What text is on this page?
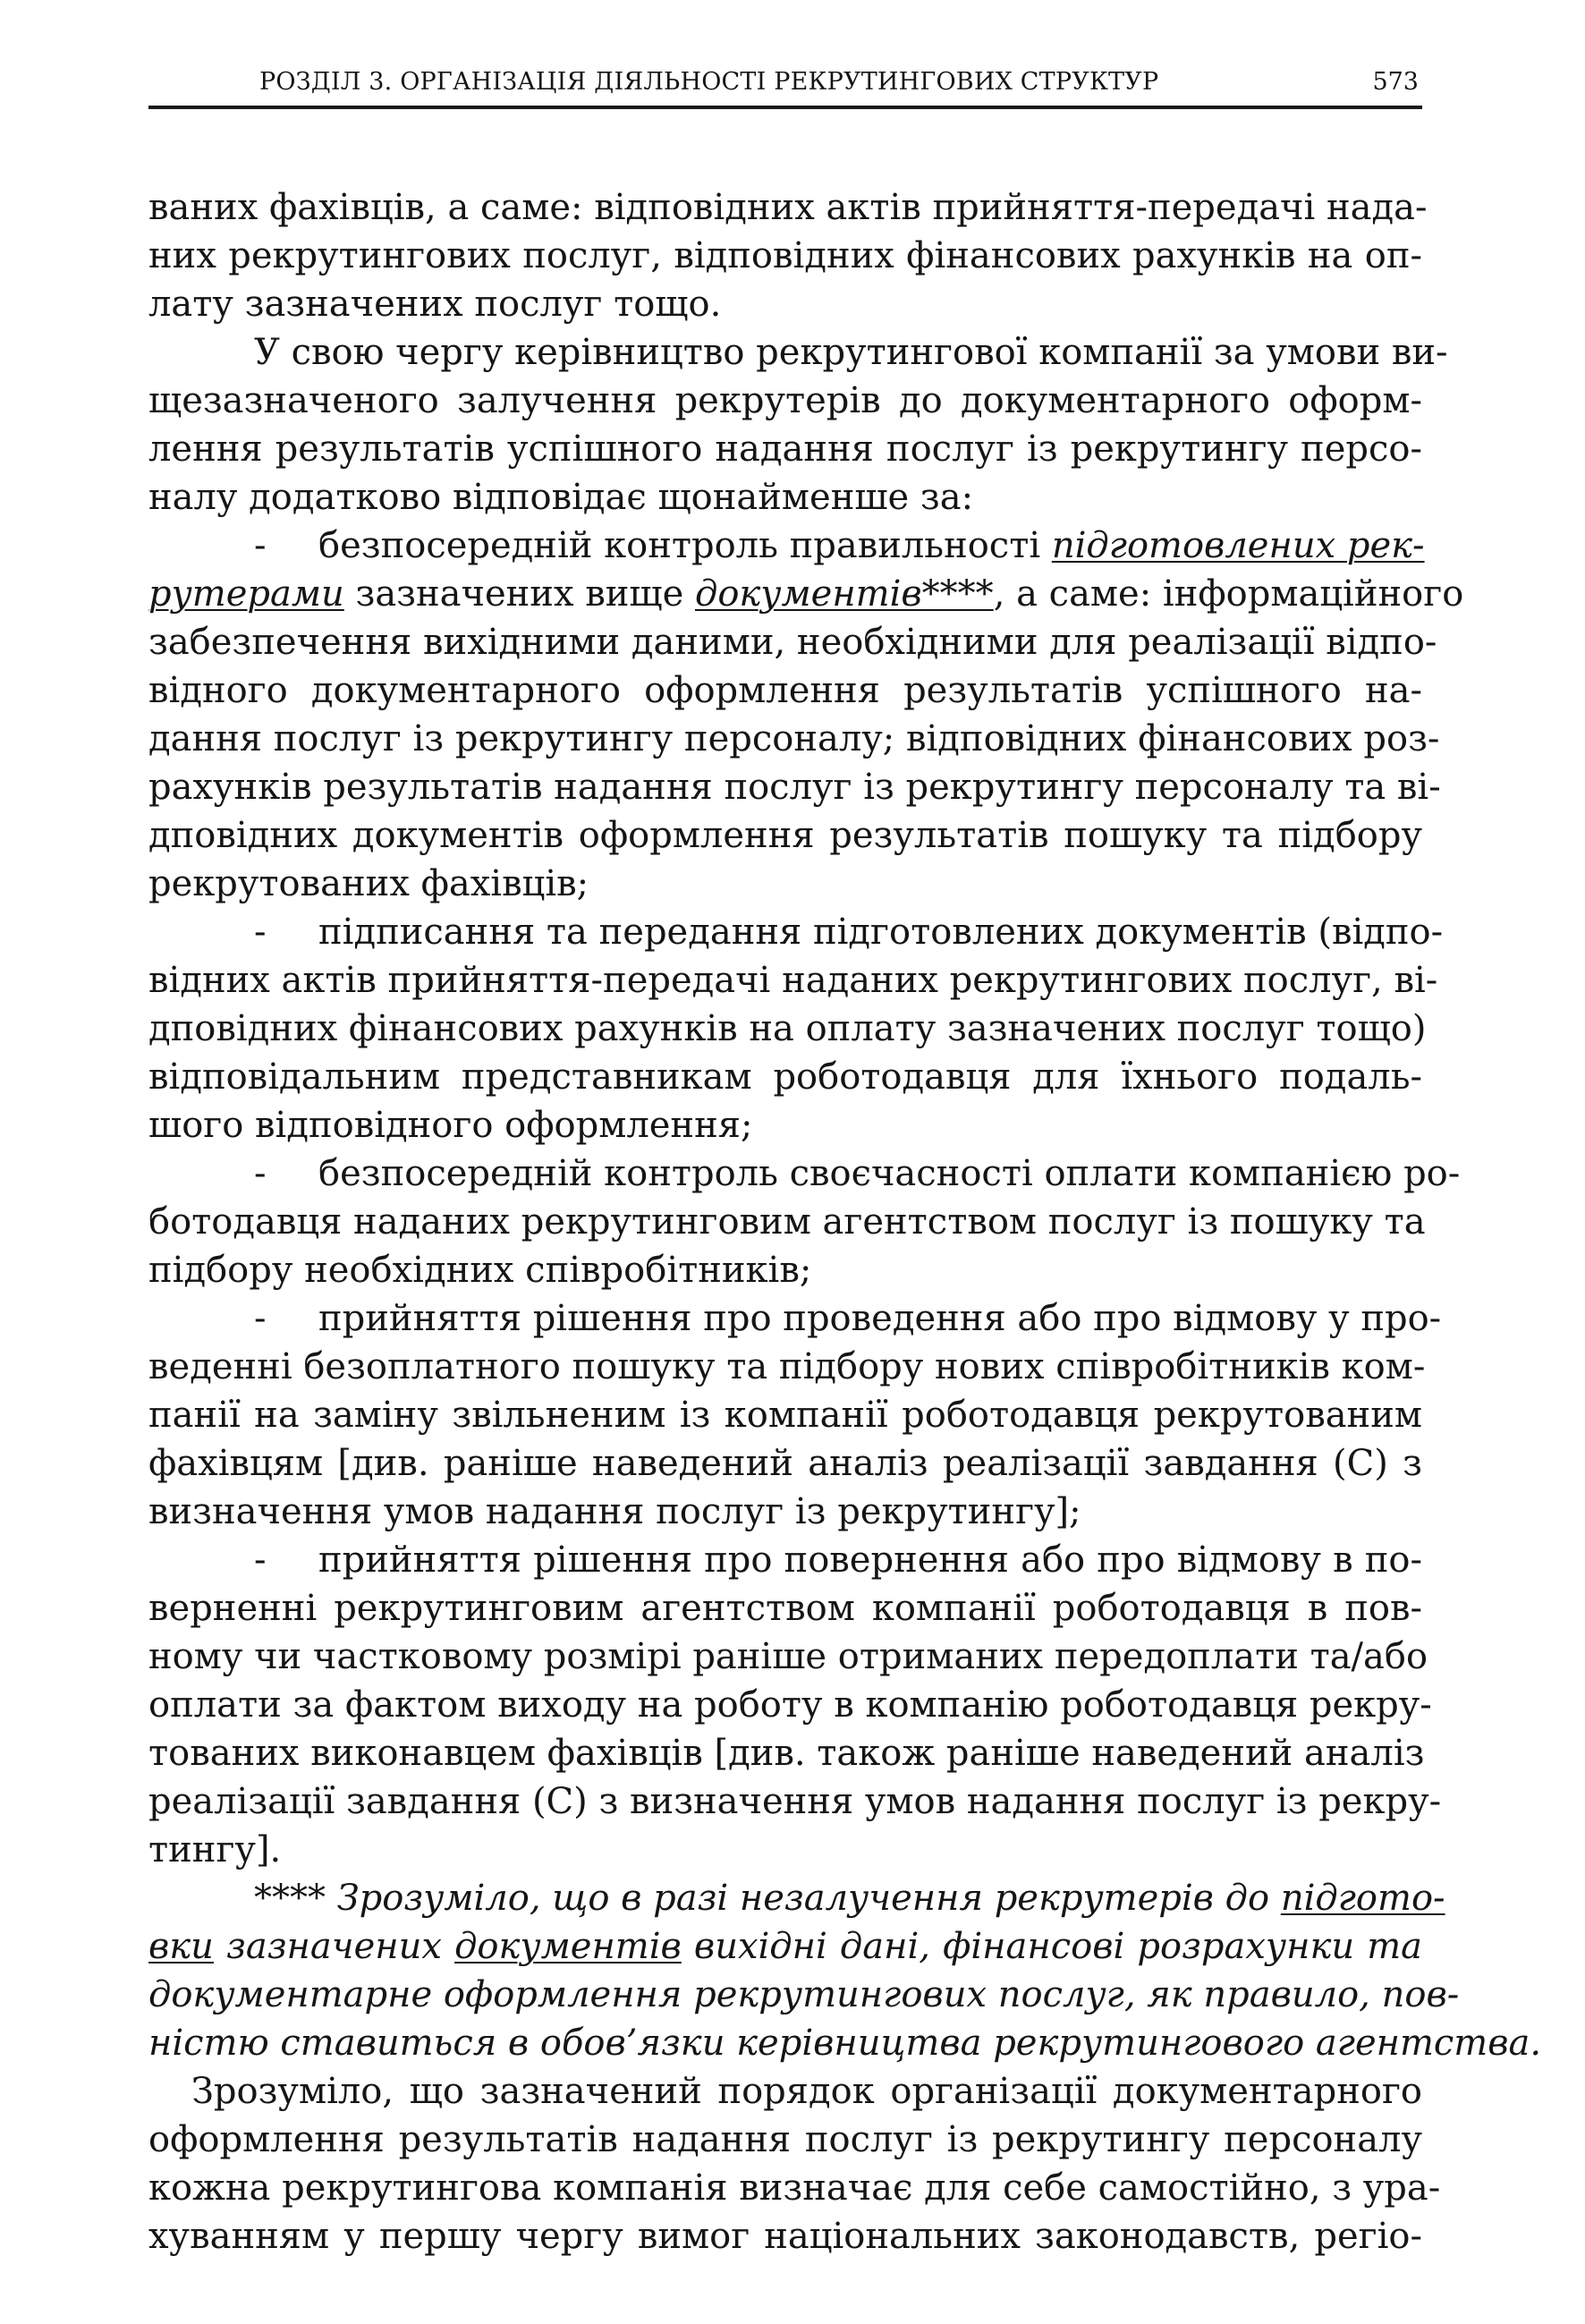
РОЗДІЛ 3. ОРГАНІЗАЦІЯ ДІЯЛЬНОСТІ РЕКРУТИНГОВИХ СТРУКТУР	573
ваних фахівців, а саме: відповідних актів прийняття-передачі нада-
них рекрутингових послуг, відповідних фінансових рахунків на оп-
лату зазначених послуг тощо.
У свою чергу керівництво рекрутингової компанії за умови ви-
щезазначеного залучення рекрутерів до документарного оформ-
лення результатів успішного надання послуг із рекрутингу персо-
налу додатково відповідає щонайменше за:
- безпосередній контроль правильності підготовлених рек-
рутерами зазначених вище документів****, а саме: інформаційного
забезпечення вихідними даними, необхідними для реалізації відпо-
відного документарного оформлення результатів успішного на-
дання послуг із рекрутингу персоналу; відповідних фінансових роз-
рахунків результатів надання послуг із рекрутингу персоналу та ві-
дповідних документів оформлення результатів пошуку та підбору
рекрутованих фахівців;
- підписання та передання підготовлених документів (відпо-
відних актів прийняття-передачі наданих рекрутингових послуг, ві-
дповідних фінансових рахунків на оплату зазначених послуг тощо)
відповідальним представникам роботодавця для їхнього подаль-
шого відповідного оформлення;
- безпосередній контроль своєчасності оплати компанією ро-
ботодавця наданих рекрутинговим агентством послуг із пошуку та
підбору необхідних співробітників;
- прийняття рішення про проведення або про відмову у про-
веденні безоплатного пошуку та підбору нових співробітників ком-
панії на заміну звільненим із компанії роботодавця рекрутованим
фахівцям [див. раніше наведений аналіз реалізації завдання (С) з
визначення умов надання послуг із рекрутингу];
- прийняття рішення про повернення або про відмову в по-
верненні рекрутинговим агентством компанії роботодавця в пов-
ному чи частковому розмірі раніше отриманих передоплати та/або
оплати за фактом виходу на роботу в компанію роботодавця рекру-
тованих виконавцем фахівців [див. також раніше наведений аналіз
реалізації завдання (С) з визначення умов надання послуг із рекру-
тингу].
**** Зрозуміло, що в разі незалучення рекрутерів до підгото-
вки зазначених документів вихідні дані, фінансові розрахунки та
документарне оформлення рекрутингових послуг, як правило, пов-
ністю ставиться в обов’язки керівництва рекрутингового агентства.
Зрозуміло, що зазначений порядок організації документарного
оформлення результатів надання послуг із рекрутингу персоналу
кожна рекрутингова компанія визначає для себе самостійно, з ура-
хуванням у першу чергу вимог національних законодавств, регіо-
